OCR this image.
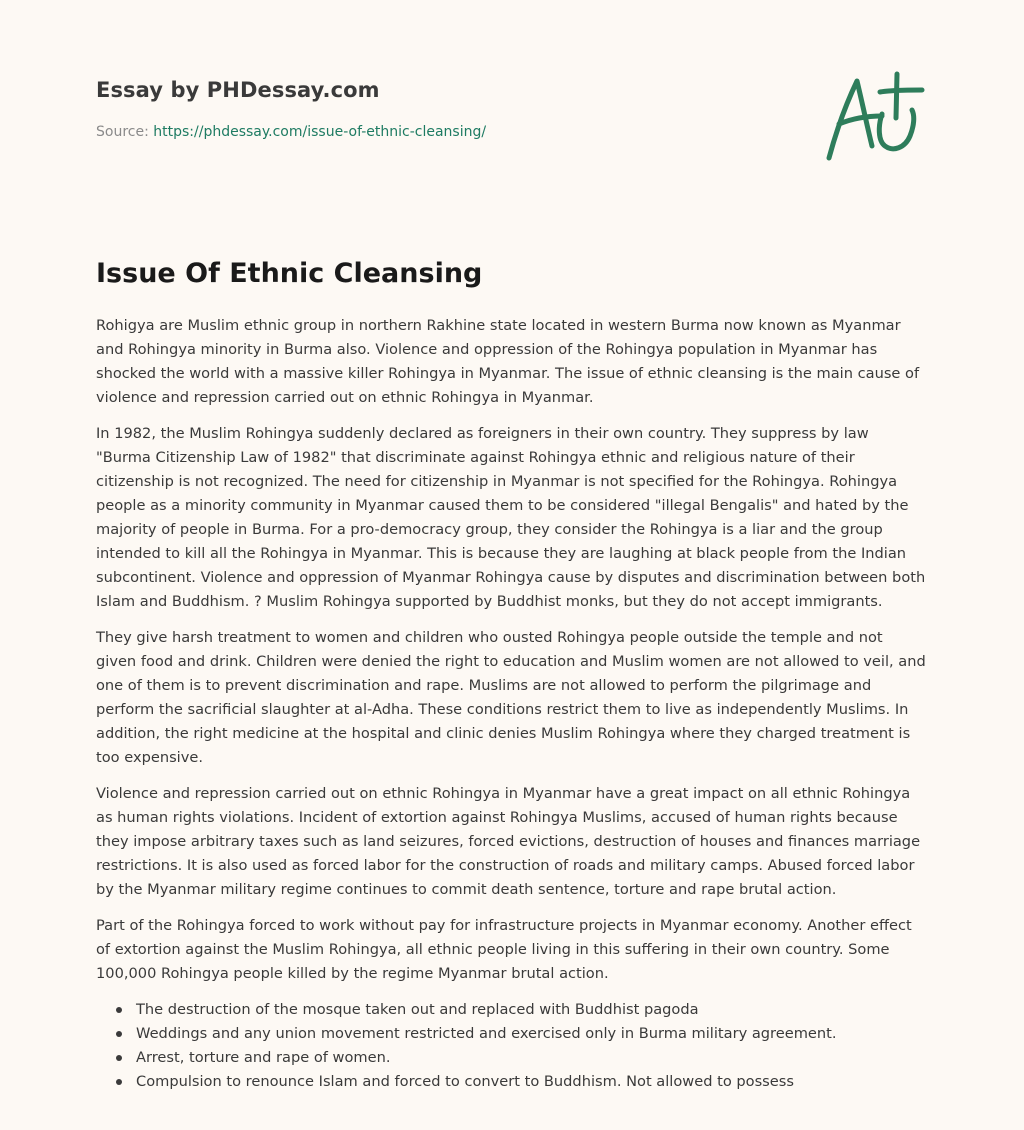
Essay by PHDessay.com
Source: https://phdessay.com/issue-of-ethnic-cleansing/
Issue Of Ethnic Cleansing

Rohigya are Muslim ethnic group in northern Rakhine state located in western Burma now known as Myanmar and Rohingya minority in Burma also. Violence and oppression of the Rohingya population in Myanmar has shocked the world with a massive killer Rohingya in Myanmar. The issue of ethnic cleansing is the main cause of violence and repression carried out on ethnic Rohingya in Myanmar.

In 1982, the Muslim Rohingya suddenly declared as foreigners in their own country. They suppress by law "Burma Citizenship Law of 1982" that discriminate against Rohingya ethnic and religious nature of their citizenship is not recognized. The need for citizenship in Myanmar is not specified for the Rohingya. Rohingya people as a minority community in Myanmar caused them to be considered "illegal Bengalis" and hated by the majority of people in Burma. For a pro-democracy group, they consider the Rohingya is a liar and the group intended to kill all the Rohingya in Myanmar. This is because they are laughing at black people from the Indian subcontinent. Violence and oppression of Myanmar Rohingya cause by disputes and discrimination between both Islam and Buddhism. ? Muslim Rohingya supported by Buddhist monks, but they do not accept immigrants.

They give harsh treatment to women and children who ousted Rohingya people outside the temple and not given food and drink. Children were denied the right to education and Muslim women are not allowed to veil, and one of them is to prevent discrimination and rape. Muslims are not allowed to perform the pilgrimage and perform the sacrificial slaughter at al-Adha. These conditions restrict them to live as independently Muslims. In addition, the right medicine at the hospital and clinic denies Muslim Rohingya where they charged treatment is too expensive.

Violence and repression carried out on ethnic Rohingya in Myanmar have a great impact on all ethnic Rohingya as human rights violations. Incident of extortion against Rohingya Muslims, accused of human rights because they impose arbitrary taxes such as land seizures, forced evictions, destruction of houses and finances marriage restrictions. It is also used as forced labor for the construction of roads and military camps. Abused forced labor by the Myanmar military regime continues to commit death sentence, torture and rape brutal action.

Part of the Rohingya forced to work without pay for infrastructure projects in Myanmar economy. Another effect of extortion against the Muslim Rohingya, all ethnic people living in this suffering in their own country. Some 100,000 Rohingya people killed by the regime Myanmar brutal action.

The destruction of the mosque taken out and replaced with Buddhist pagoda
Weddings and any union movement restricted and exercised only in Burma military agreement.
Arrest, torture and rape of women.
Compulsion to renounce Islam and forced to convert to Buddhism. Not allowed to possess
